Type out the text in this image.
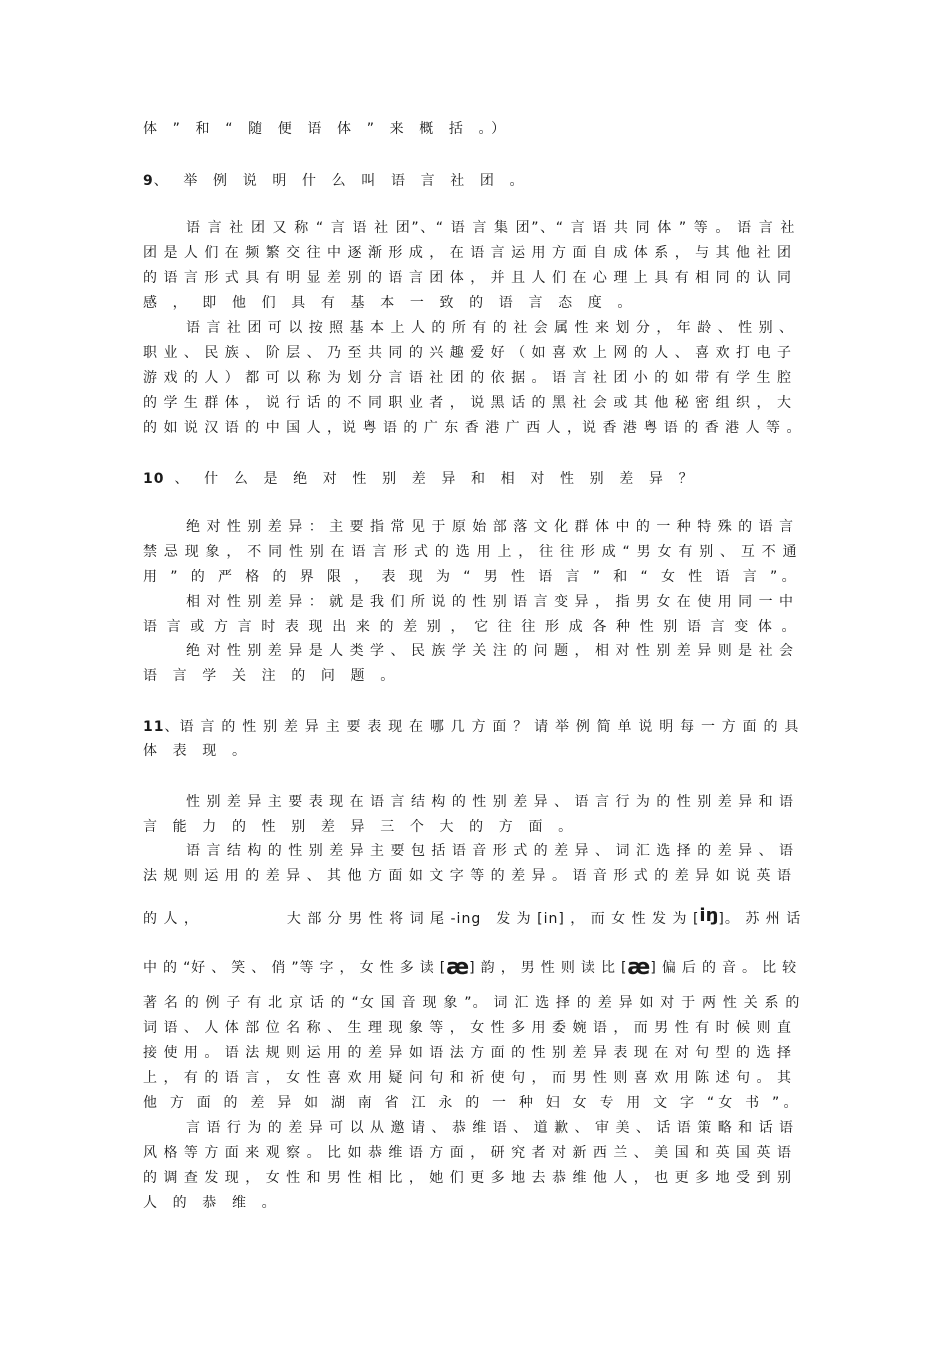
体 ” 和 “ 随 便 语 体 ” 来 概 括 。）
9、 举 例 说 明 什 么 叫 语 言 社 团 。
语 言 社 团 又 称 “ 言 语 社 团”、“ 语 言 集 团”、“ 言 语 共 同 体 ” 等 。 语 言 社
团 是 人 们 在 频 繁 交 往 中 逐 渐 形 成 ， 在 语 言 运 用 方 面 自 成 体 系 ， 与 其 他 社 团
的 语 言 形 式 具 有 明 显 差 别 的 语 言 团 体 ， 并 且 人 们 在 心 理 上 具 有 相 同 的 认 同
感 ， 即 他 们 具 有 基 本 一 致 的 语 言 态 度 。
语 言 社 团 可 以 按 照 基 本 上 人 的 所 有 的 社 会 属 性 来 划 分 ， 年 龄 、 性 别 、
职 业 、 民 族 、 阶 层 、 乃 至 共 同 的 兴 趣 爱 好 （ 如 喜 欢 上 网 的 人 、 喜 欢 打 电 子
游 戏 的 人 ） 都 可 以 称 为 划 分 言 语 社 团 的 依 据 。 语 言 社 团 小 的 如 带 有 学 生 腔
的 学 生 群 体 ， 说 行 话 的 不 同 职 业 者 ， 说 黑 话 的 黑 社 会 或 其 他 秘 密 组 织 ， 大
的 如 说 汉 语 的 中 国 人 ，说 粤 语 的 广 东 香 港 广 西 人 ，说 香 港 粤 语 的 香 港 人 等 。
10 、 什 么 是 绝 对 性 别 差 异 和 相 对 性 别 差 异 ？
绝 对 性 别 差 异 ： 主 要 指 常 见 于 原 始 部 落 文 化 群 体 中 的 一 种 特 殊 的 语 言
禁 忌 现 象 ， 不 同 性 别 在 语 言 形 式 的 选 用 上 ， 往 往 形 成 “ 男 女 有 别 、 互 不 通
用 ” 的 严 格 的 界 限 ， 表 现 为 “ 男 性 语 言 ” 和 “ 女 性 语 言 ”。
相 对 性 别 差 异 ： 就 是 我 们 所 说 的 性 别 语 言 变 异 ， 指 男 女 在 使 用 同 一 中
语 言 或 方 言 时 表 现 出 来 的 差 别 ， 它 往 往 形 成 各 种 性 别 语 言 变 体 。
绝 对 性 别 差 异 是 人 类 学 、 民 族 学 关 注 的 问 题 ， 相 对 性 别 差 异 则 是 社 会
语 言 学 关 注 的 问 题 。
11、语 言 的 性 别 差 异 主 要 表 现 在 哪 几 方 面 ？ 请 举 例 简 单 说 明 每 一 方 面 的 具
体 表 现 。
性 别 差 异 主 要 表 现 在 语 言 结 构 的 性 别 差 异 、 语 言 行 为 的 性 别 差 异 和 语
言 能 力 的 性 别 差 异 三 个 大 的 方 面 。
语 言 结 构 的 性 别 差 异 主 要 包 括 语 音 形 式 的 差 异 、 词 汇 选 择 的 差 异 、 语
法 规 则 运 用 的 差 异 、 其 他 方 面 如 文 字 等 的 差 异 。 语 音 形 式 的 差 异 如 说 英 语
的 人 ，	大 部 分 男 性 将 词 尾 -ing　发 为 [in] ， 而 女 性 发 为 [iŋ]。 苏 州 话
中 的 “好 、 笑 、 俏 ”等 字 ， 女 性 多 读 [æ] 韵 ， 男 性 则 读 比 [æ] 偏 后 的 音 。 比 较
著 名 的 例 子 有 北 京 话 的 “女 国 音 现 象 ”。 词 汇 选 择 的 差 异 如 对 于 两 性 关 系 的
词 语 、 人 体 部 位 名 称 、 生 理 现 象 等 ， 女 性 多 用 委 婉 语 ， 而 男 性 有 时 候 则 直
接 使 用 。 语 法 规 则 运 用 的 差 异 如 语 法 方 面 的 性 别 差 异 表 现 在 对 句 型 的 选 择
上 ， 有 的 语 言 ， 女 性 喜 欢 用 疑 问 句 和 祈 使 句 ， 而 男 性 则 喜 欢 用 陈 述 句 。 其
他 方 面 的 差 异 如 湖 南 省 江 永 的 一 种 妇 女 专 用 文 字 “女 书 ”。
言 语 行 为 的 差 异 可 以 从 邀 请 、 恭 维 语 、 道 歉 、 审 美 、 话 语 策 略 和 话 语
风 格 等 方 面 来 观 察 。 比 如 恭 维 语 方 面 ， 研 究 者 对 新 西 兰 、 美 国 和 英 国 英 语
的 调 查 发 现 ， 女 性 和 男 性 相 比 ， 她 们 更 多 地 去 恭 维 他 人 ， 也 更 多 地 受 到 别
人 的 恭 维 。
